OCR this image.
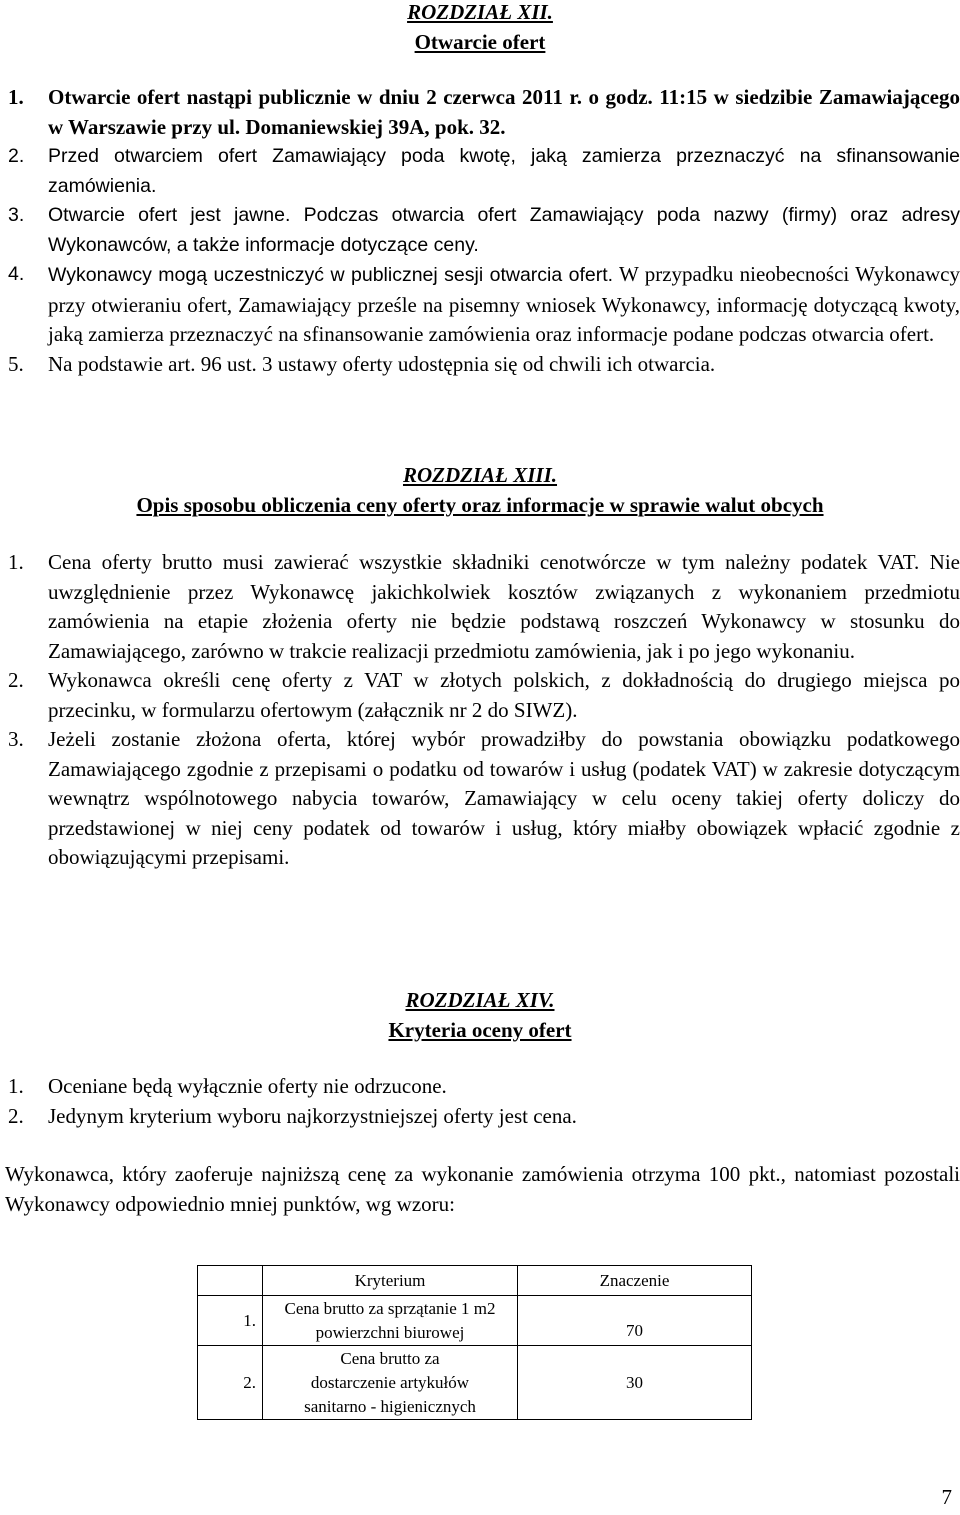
ROZDZIAŁ XII.
Otwarcie ofert
1. Otwarcie ofert nastąpi publicznie w dniu 2 czerwca 2011 r. o godz. 11:15 w siedzibie Zamawiającego w Warszawie przy ul. Domaniewskiej 39A, pok. 32.
2. Przed otwarciem ofert Zamawiający poda kwotę, jaką zamierza przeznaczyć na sfinansowanie zamówienia.
3. Otwarcie ofert jest jawne. Podczas otwarcia ofert Zamawiający poda nazwy (firmy) oraz adresy Wykonawców, a także informacje dotyczące ceny.
4. Wykonawcy mogą uczestniczyć w publicznej sesji otwarcia ofert. W przypadku nieobecności Wykonawcy przy otwieraniu ofert, Zamawiający prześle na pisemny wniosek Wykonawcy, informację dotyczącą kwoty, jaką zamierza przeznaczyć na sfinansowanie zamówienia oraz informacje podane podczas otwarcia ofert.
5. Na podstawie art. 96 ust. 3 ustawy oferty udostępnia się od chwili ich otwarcia.
ROZDZIAŁ XIII.
Opis sposobu obliczenia ceny oferty oraz informacje w sprawie walut obcych
1. Cena oferty brutto musi zawierać wszystkie składniki cenotwórcze w tym należny podatek VAT. Nie uwzględnienie przez Wykonawcę jakichkolwiek kosztów związanych z wykonaniem przedmiotu zamówienia na etapie złożenia oferty nie będzie podstawą roszczeń Wykonawcy w stosunku do Zamawiającego, zarówno w trakcie realizacji przedmiotu zamówienia, jak i po jego wykonaniu.
2. Wykonawca określi cenę oferty z VAT w złotych polskich, z dokładnością do drugiego miejsca po przecinku, w formularzu ofertowym (załącznik nr 2 do SIWZ).
3. Jeżeli zostanie złożona oferta, której wybór prowadziłby do powstania obowiązku podatkowego Zamawiającego zgodnie z przepisami o podatku od towarów i usług (podatek VAT) w zakresie dotyczącym wewnątrz wspólnotowego nabycia towarów, Zamawiający w celu oceny takiej oferty doliczy do przedstawionej w niej ceny podatek od towarów i usług, który miałby obowiązek wpłacić zgodnie z obowiązującymi przepisami.
ROZDZIAŁ XIV.
Kryteria oceny ofert
1. Oceniane będą wyłącznie oferty nie odrzucone.
2. Jedynym kryterium wyboru najkorzystniejszej oferty jest cena.
Wykonawca, który zaoferuje najniższą cenę za wykonanie zamówienia otrzyma 100 pkt., natomiast pozostali Wykonawcy odpowiednio mniej punktów, wg wzoru:
	Kryterium	Znaczenie
1.	Cena brutto za sprzątanie 1 m2 powierzchni biurowej	70
2.	Cena brutto za dostarczenie artykułów sanitarno - higienicznych	30
7
